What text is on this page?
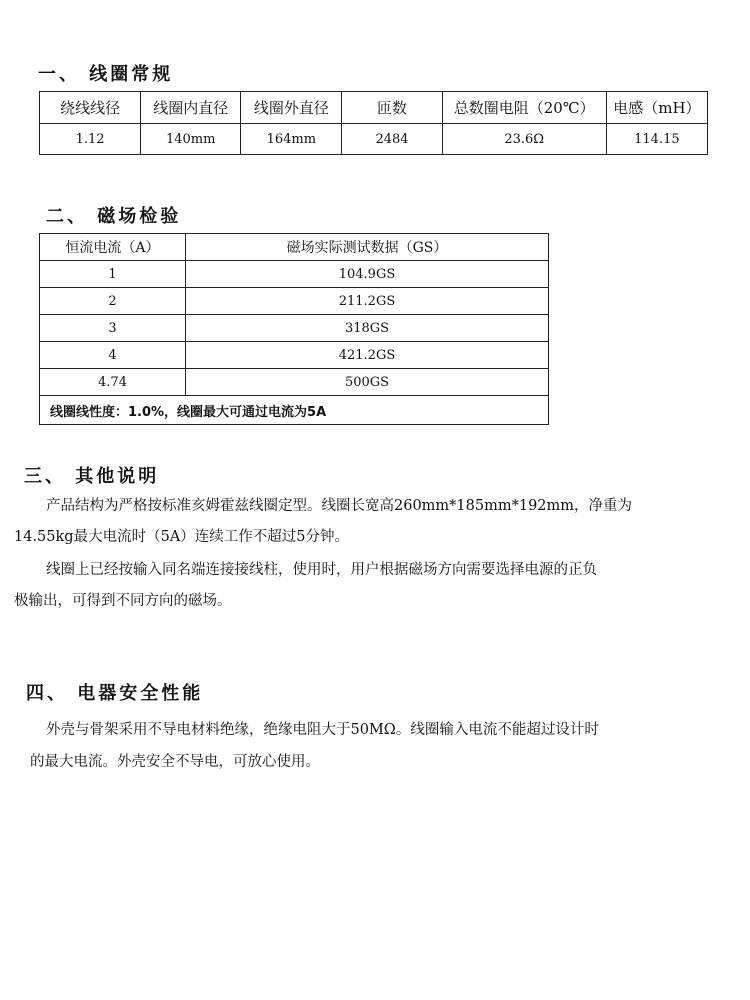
一、 线圈常规
绕线线径	线圈内直径	线圈外直径	匝数	总数圈电阻（20℃）	电感（mH）
1.12	140mm	164mm	2484	23.6Ω	114.15
二、 磁场检验
恒流电流（A）	磁场实际测试数据（GS）
1	104.9GS
2	211.2GS
3	318GS
4	421.2GS
4.74	500GS
线圈线性度：1.0%，线圈最大可通过电流为5A	
三、 其他说明

产品结构为严格按标准亥姆霍兹线圈定型。线圈长宽高260mm*185mm*192mm，净重为

14.55kg最大电流时（5A）连续工作不超过5分钟。

线圈上已经按输入同名端连接接线柱，使用时，用户根据磁场方向需要选择电源的正负

极输出，可得到不同方向的磁场。

四、 电器安全性能

外壳与骨架采用不导电材料绝缘，绝缘电阻大于50MΩ。线圈输入电流不能超过设计时

的最大电流。外壳安全不导电，可放心使用。
